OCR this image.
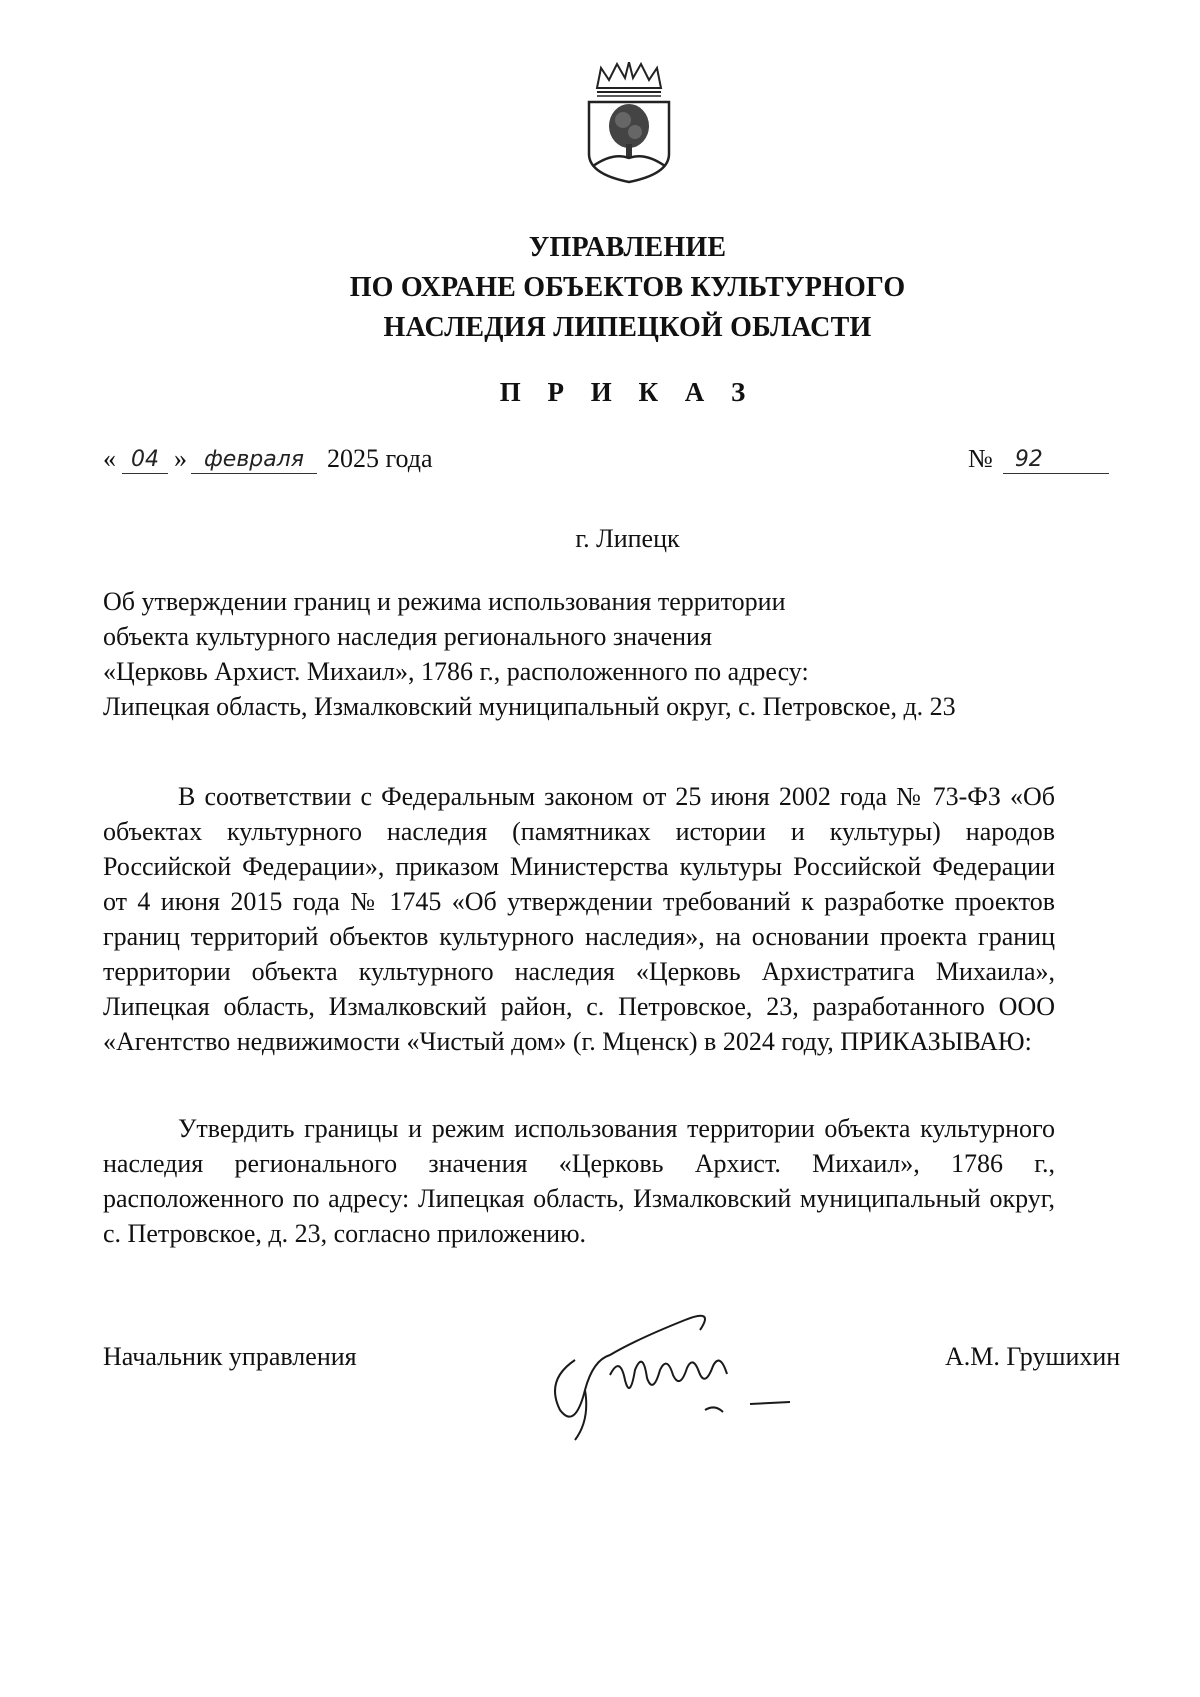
УПРАВЛЕНИЕ
ПО ОХРАНЕ ОБЪЕКТОВ КУЛЬТУРНОГО
НАСЛЕДИЯ ЛИПЕЦКОЙ ОБЛАСТИ
П Р И К А З
« 04 » февраля 2025 года	№	92
г. Липецк
Об утверждении границ и режима использования территории
объекта культурного наследия регионального значения
«Церковь Архист. Михаил», 1786 г., расположенного по адресу:
Липецкая область, Измалковский муниципальный округ, с. Петровское, д. 23

В соответствии с Федеральным законом от 25 июня 2002 года № 73-ФЗ «Об объектах культурного наследия (памятниках истории и культуры) народов Российской Федерации», приказом Министерства культуры Российской Федерации от 4 июня 2015 года № 1745 «Об утверждении требований к разработке проектов границ территорий объектов культурного наследия», на основании проекта границ территории объекта культурного наследия «Церковь Архистратига Михаила», Липецкая область, Измалковский район, с. Петровское, 23, разработанного ООО «Агентство недвижимости «Чистый дом» (г. Мценск) в 2024 году, ПРИКАЗЫВАЮ:

Утвердить границы и режим использования территории объекта культурного наследия регионального значения «Церковь Архист. Михаил», 1786 г., расположенного по адресу: Липецкая область, Измалковский муниципальный округ, с. Петровское, д. 23, согласно приложению.

Начальник управления	А.М. Грушихин
